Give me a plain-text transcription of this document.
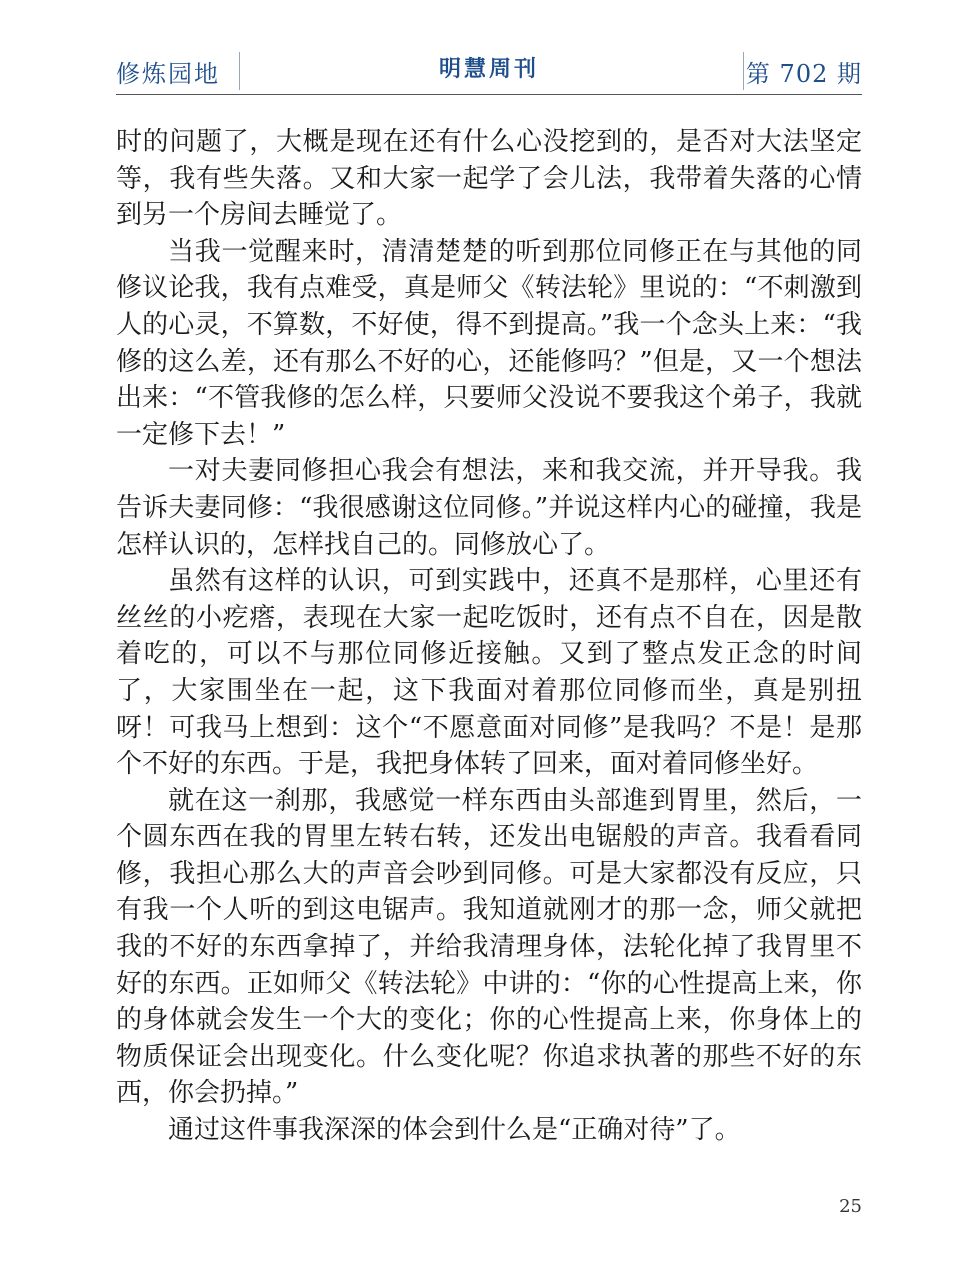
修炼园地	明慧周刊	第 702 期

时的问题了，大概是现在还有什么心没挖到的，是否对大法坚定等，我有些失落。又和大家一起学了会儿法，我带着失落的心情到另一个房间去睡觉了。

当我一觉醒来时，清清楚楚的听到那位同修正在与其他的同修议论我，我有点难受，真是师父《转法轮》里说的：“不刺激到人的心灵，不算数，不好使，得不到提高。”我一个念头上来：“我修的这么差，还有那么不好的心，还能修吗？”但是，又一个想法出来：“不管我修的怎么样，只要师父没说不要我这个弟子，我就一定修下去！”

一对夫妻同修担心我会有想法，来和我交流，并开导我。我告诉夫妻同修：“我很感谢这位同修。”并说这样内心的碰撞，我是怎样认识的，怎样找自己的。同修放心了。

虽然有这样的认识，可到实践中，还真不是那样，心里还有丝丝的小疙瘩，表现在大家一起吃饭时，还有点不自在，因是散着吃的，可以不与那位同修近接触。又到了整点发正念的时间了，大家围坐在一起，这下我面对着那位同修而坐，真是别扭呀！可我马上想到：这个“不愿意面对同修”是我吗？不是！是那个不好的东西。于是，我把身体转了回来，面对着同修坐好。

就在这一刹那，我感觉一样东西由头部進到胃里，然后，一个圆东西在我的胃里左转右转，还发出电锯般的声音。我看看同修，我担心那么大的声音会吵到同修。可是大家都没有反应，只有我一个人听的到这电锯声。我知道就刚才的那一念，师父就把我的不好的东西拿掉了，并给我清理身体，法轮化掉了我胃里不好的东西。正如师父《转法轮》中讲的：“你的心性提高上来，你的身体就会发生一个大的变化；你的心性提高上来，你身体上的物质保证会出现变化。什么变化呢？你追求执著的那些不好的东西，你会扔掉。”

通过这件事我深深的体会到什么是“正确对待”了。

25
